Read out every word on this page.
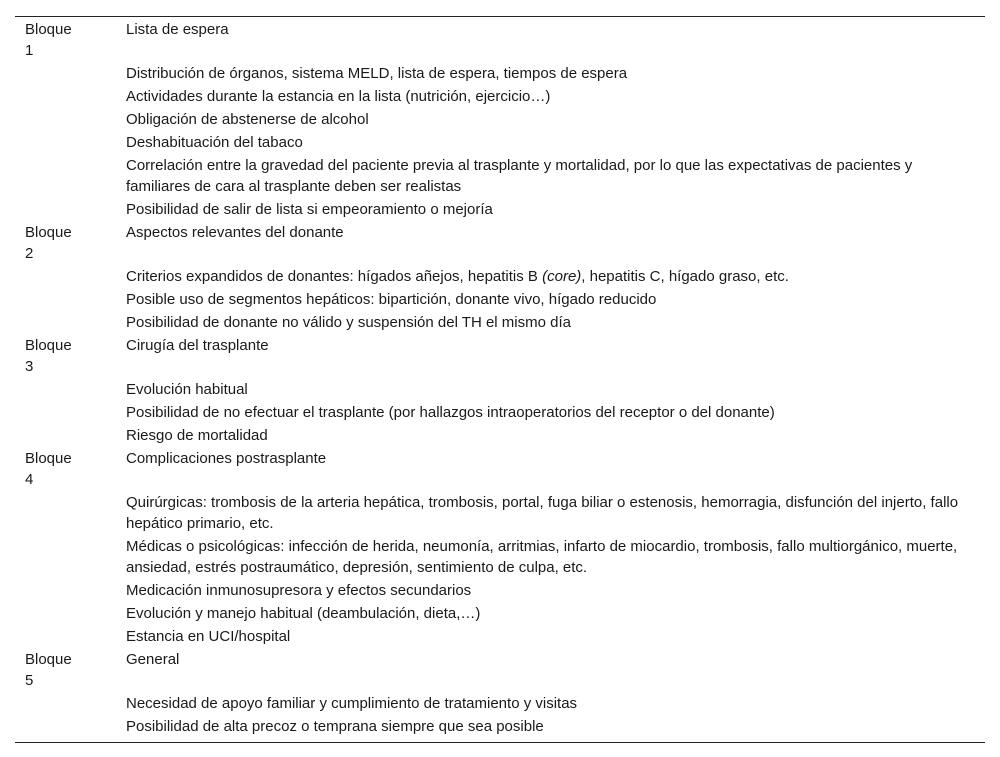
Bloque 1	Lista de espera
	Distribución de órganos, sistema MELD, lista de espera, tiempos de espera
	Actividades durante la estancia en la lista (nutrición, ejercicio…)
	Obligación de abstenerse de alcohol
	Deshabituación del tabaco
	Correlación entre la gravedad del paciente previa al trasplante y mortalidad, por lo que las expectativas de pacientes y familiares de cara al trasplante deben ser realistas
	Posibilidad de salir de lista si empeoramiento o mejoría

Bloque 2	Aspectos relevantes del donante
	Criterios expandidos de donantes: hígados añejos, hepatitis B (core), hepatitis C, hígado graso, etc.
	Posible uso de segmentos hepáticos: bipartición, donante vivo, hígado reducido
	Posibilidad de donante no válido y suspensión del TH el mismo día

Bloque 3	Cirugía del trasplante
	Evolución habitual
	Posibilidad de no efectuar el trasplante (por hallazgos intraoperatorios del receptor o del donante)
	Riesgo de mortalidad

Bloque 4	Complicaciones postrasplante
	Quirúrgicas: trombosis de la arteria hepática, trombosis, portal, fuga biliar o estenosis, hemorragia, disfunción del injerto, fallo hepático primario, etc.
	Médicas o psicológicas: infección de herida, neumonía, arritmias, infarto de miocardio, trombosis, fallo multiorgánico, muerte, ansiedad, estrés postraumático, depresión, sentimiento de culpa, etc.
	Medicación inmunosupresora y efectos secundarios
	Evolución y manejo habitual (deambulación, dieta,…)
	Estancia en UCI/hospital

Bloque 5	General
	Necesidad de apoyo familiar y cumplimiento de tratamiento y visitas
	Posibilidad de alta precoz o temprana siempre que sea posible
